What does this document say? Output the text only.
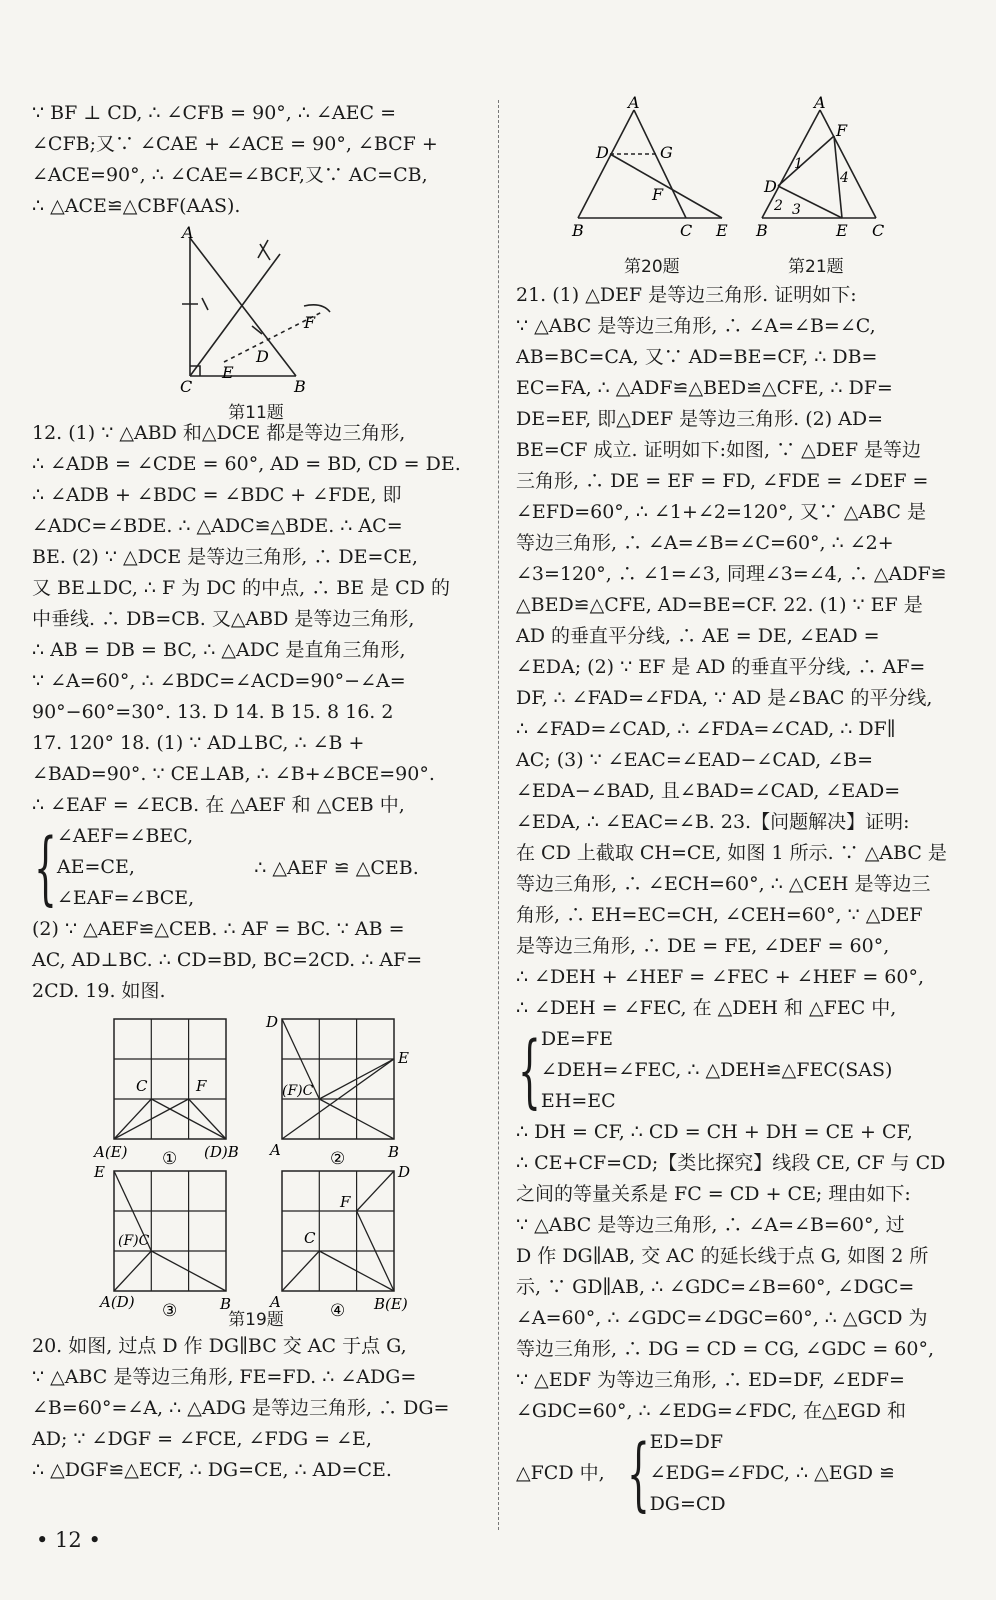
∵ BF ⊥ CD, ∴ ∠CFB = 90°, ∴ ∠AEC =
∠CFB;又∵ ∠CAE + ∠ACE = 90°, ∠BCF +
∠ACE=90°, ∴ ∠CAE=∠BCF,又∵ AC=CB,
∴ △ACE≌△CBF(AAS).
A
C	B
E
D
F
第11题
12. (1) ∵ △ABD 和△DCE 都是等边三角形,
∴ ∠ADB = ∠CDE = 60°, AD = BD, CD = DE.
∴ ∠ADB + ∠BDC = ∠BDC + ∠FDE, 即
∠ADC=∠BDE. ∴ △ADC≌△BDE. ∴ AC=
BE. (2) ∵ △DCE 是等边三角形, ∴ DE=CE,
又 BE⊥DC, ∴ F 为 DC 的中点, ∴ BE 是 CD 的
中垂线. ∴ DB=CB. 又△ABD 是等边三角形,
∴ AB = DB = BC, ∴ △ADC 是直角三角形,
∵ ∠A=60°, ∴ ∠BDC=∠ACD=90°−∠A=
90°−60°=30°. 13. D 14. B 15. 8 16. 2
17. 120° 18. (1) ∵ AD⊥BC, ∴ ∠B +
∠BAD=90°. ∵ CE⊥AB, ∴ ∠B+∠BCE=90°.
∴ ∠EAF = ∠ECB. 在 △AEF 和 △CEB 中,
{ ∠AEF=∠BEC,
AE=CE,
∠EAF=∠BCE,
∴ △AEF ≌ △CEB.
(2) ∵ △AEF≌△CEB. ∴ AF = BC. ∵ AB =
AC, AD⊥BC. ∴ CD=BD, BC=2CD. ∴ AF=
2CD. 19. 如图.
C	F
A(E)	(D)B
①
D
E
(F)C
A	B
②
E
(F)C
A(D)	B
③
D
F
C
A	B(E)
④
第19题
20. 如图, 过点 D 作 DG∥BC 交 AC 于点 G,
∵ △ABC 是等边三角形, FE=FD. ∴ ∠ADG=
∠B=60°=∠A, ∴ △ADG 是等边三角形, ∴ DG=
AD; ∵ ∠DGF = ∠FCE, ∠FDG = ∠E,
∴ △DGF≌△ECF, ∴ DG=CE, ∴ AD=CE.
A
D	G
F
B	C E
A
F
D
B	E C
1
2 3
4
第20题	第21题
21. (1) △DEF 是等边三角形. 证明如下:
∵ △ABC 是等边三角形, ∴ ∠A=∠B=∠C,
AB=BC=CA, 又∵ AD=BE=CF, ∴ DB=
EC=FA, ∴ △ADF≌△BED≌△CFE, ∴ DF=
DE=EF, 即△DEF 是等边三角形. (2) AD=
BE=CF 成立. 证明如下:如图, ∵ △DEF 是等边
三角形, ∴ DE = EF = FD, ∠FDE = ∠DEF =
∠EFD=60°, ∴ ∠1+∠2=120°, 又∵ △ABC 是
等边三角形, ∴ ∠A=∠B=∠C=60°, ∴ ∠2+
∠3=120°, ∴ ∠1=∠3, 同理∠3=∠4, ∴ △ADF≌
△BED≌△CFE, AD=BE=CF. 22. (1) ∵ EF 是
AD 的垂直平分线, ∴ AE = DE, ∠EAD =
∠EDA; (2) ∵ EF 是 AD 的垂直平分线, ∴ AF=
DF, ∴ ∠FAD=∠FDA, ∵ AD 是∠BAC 的平分线,
∴ ∠FAD=∠CAD, ∴ ∠FDA=∠CAD, ∴ DF∥
AC; (3) ∵ ∠EAC=∠EAD−∠CAD, ∠B=
∠EDA−∠BAD, 且∠BAD=∠CAD, ∠EAD=
∠EDA, ∴ ∠EAC=∠B. 23.【问题解决】证明:
在 CD 上截取 CH=CE, 如图 1 所示. ∵ △ABC 是
等边三角形, ∴ ∠ECH=60°, ∴ △CEH 是等边三
角形, ∴ EH=EC=CH, ∠CEH=60°, ∵ △DEF
是等边三角形, ∴ DE = FE, ∠DEF = 60°,
∴ ∠DEH + ∠HEF = ∠FEC + ∠HEF = 60°,
∴ ∠DEH = ∠FEC, 在 △DEH 和 △FEC 中,
{ DE=FE
∠DEH=∠FEC, ∴ △DEH≌△FEC(SAS)
EH=EC
∴ DH = CF, ∴ CD = CH + DH = CE + CF,
∴ CE+CF=CD;【类比探究】线段 CE, CF 与 CD
之间的等量关系是 FC = CD + CE; 理由如下:
∵ △ABC 是等边三角形, ∴ ∠A=∠B=60°, 过
D 作 DG∥AB, 交 AC 的延长线于点 G, 如图 2 所
示, ∵ GD∥AB, ∴ ∠GDC=∠B=60°, ∠DGC=
∠A=60°, ∴ ∠GDC=∠DGC=60°, ∴ △GCD 为
等边三角形, ∴ DG = CD = CG, ∠GDC = 60°,
∵ △EDF 为等边三角形, ∴ ED=DF, ∠EDF=
∠GDC=60°, ∴ ∠EDG=∠FDC, 在△EGD 和
△FCD 中, { ED=DF
∠EDG=∠FDC, ∴ △EGD ≌
DG=CD
• 12 •
